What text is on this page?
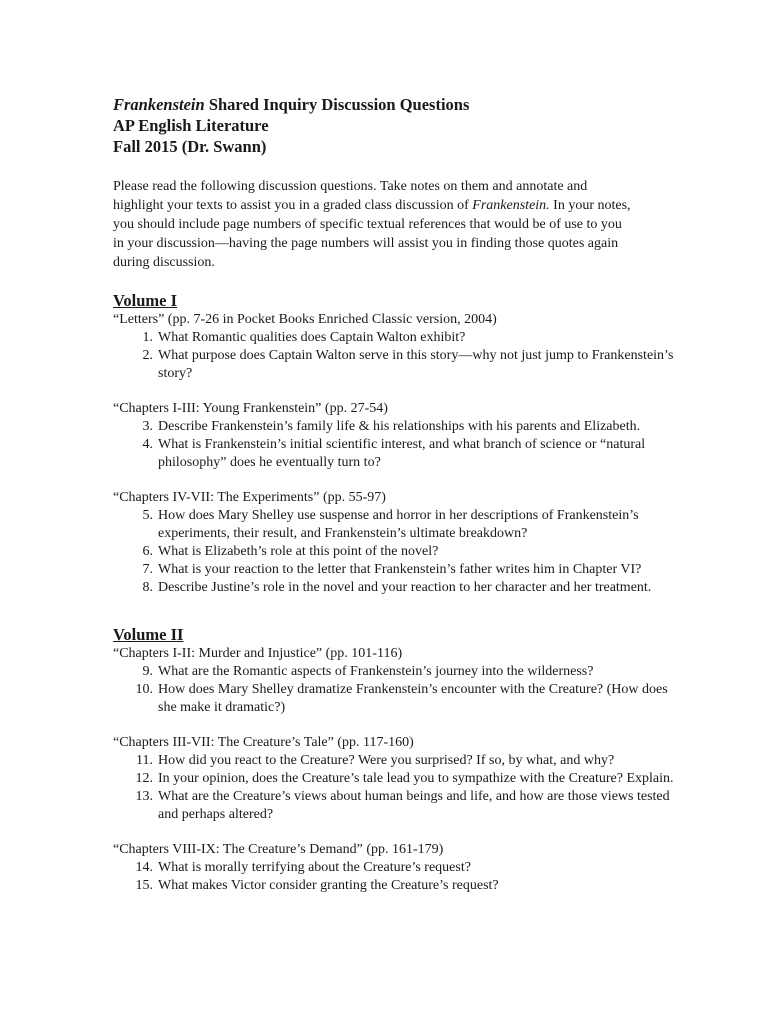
Frankenstein Shared Inquiry Discussion Questions
AP English Literature
Fall 2015 (Dr. Swann)

Please read the following discussion questions. Take notes on them and annotate and highlight your texts to assist you in a graded class discussion of Frankenstein. In your notes, you should include page numbers of specific textual references that would be of use to you in your discussion—having the page numbers will assist you in finding those quotes again during discussion.

Volume I
“Letters” (pp. 7-26 in Pocket Books Enriched Classic version, 2004)
1. What Romantic qualities does Captain Walton exhibit?
2. What purpose does Captain Walton serve in this story—why not just jump to Frankenstein’s story?
“Chapters I-III: Young Frankenstein” (pp. 27-54)
3. Describe Frankenstein’s family life & his relationships with his parents and Elizabeth.
4. What is Frankenstein’s initial scientific interest, and what branch of science or “natural philosophy” does he eventually turn to?
“Chapters IV-VII: The Experiments” (pp. 55-97)
5. How does Mary Shelley use suspense and horror in her descriptions of Frankenstein’s experiments, their result, and Frankenstein’s ultimate breakdown?
6. What is Elizabeth’s role at this point of the novel?
7. What is your reaction to the letter that Frankenstein’s father writes him in Chapter VI?
8. Describe Justine’s role in the novel and your reaction to her character and her treatment.
Volume II
“Chapters I-II: Murder and Injustice” (pp. 101-116)
9. What are the Romantic aspects of Frankenstein’s journey into the wilderness?
10. How does Mary Shelley dramatize Frankenstein’s encounter with the Creature? (How does she make it dramatic?)
“Chapters III-VII: The Creature’s Tale” (pp. 117-160)
11. How did you react to the Creature? Were you surprised? If so, by what, and why?
12. In your opinion, does the Creature’s tale lead you to sympathize with the Creature? Explain.
13. What are the Creature’s views about human beings and life, and how are those views tested and perhaps altered?
“Chapters VIII-IX: The Creature’s Demand” (pp. 161-179)
14. What is morally terrifying about the Creature’s request?
15. What makes Victor consider granting the Creature’s request?
